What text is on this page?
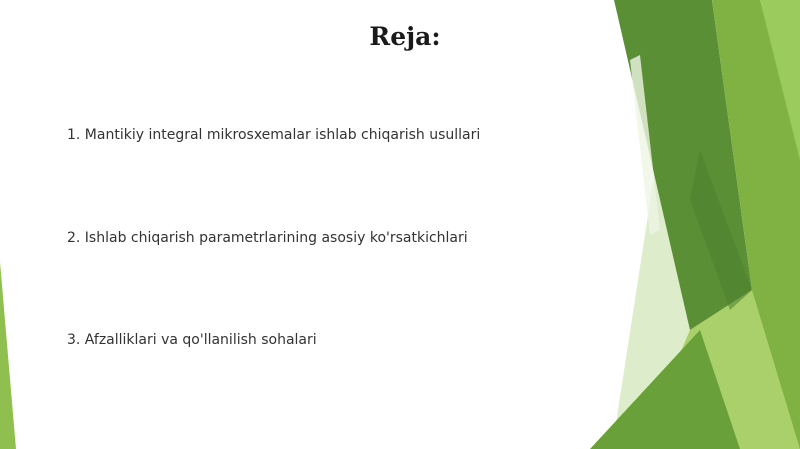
Reja:
1. Mantikiy integral mikrosxemalar ishlab chiqarish usullari
2. Ishlab chiqarish parametrlarining asosiy ko'rsatkichlari
3. Afzalliklari va qo'llanilish sohalari
